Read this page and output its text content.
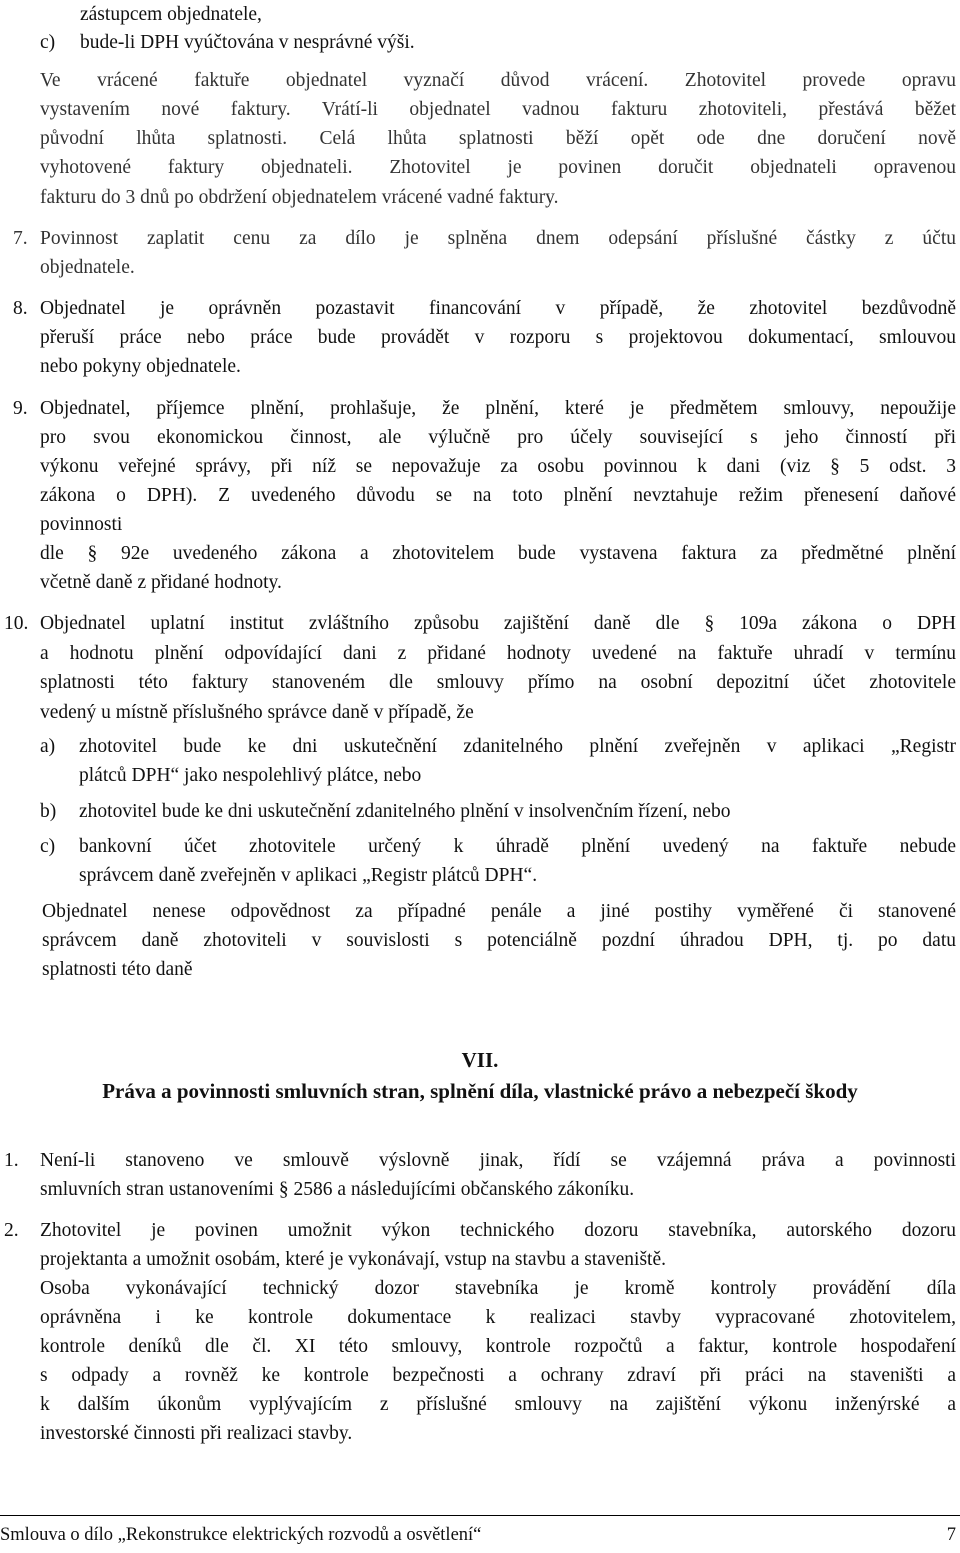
zástupcem objednatele,
c) bude-li DPH vyúčtována v nesprávné výši.
Ve vrácené faktuře objednatel vyznačí důvod vrácení. Zhotovitel provede opravu
vystavením nové faktury. Vrátí-li objednatel vadnou fakturu zhotoviteli, přestává běžet
původní lhůta splatnosti. Celá lhůta splatnosti běží opět ode dne doručení nově
vyhotovené faktury objednateli. Zhotovitel je povinen doručit objednateli opravenou
fakturu do 3 dnů po obdržení objednatelem vrácené vadné faktury.
7. Povinnost zaplatit cenu za dílo je splněna dnem odepsání příslušné částky z účtu
objednatele.
8. Objednatel je oprávněn pozastavit financování v případě, že zhotovitel bezdůvodně
přeruší práce nebo práce bude provádět v rozporu s projektovou dokumentací, smlouvou
nebo pokyny objednatele.
9. Objednatel, příjemce plnění, prohlašuje, že plnění, které je předmětem smlouvy, nepoužije
pro svou ekonomickou činnost, ale výlučně pro účely související s jeho činností při
výkonu veřejné správy, při níž se nepovažuje za osobu povinnou k dani (viz § 5 odst. 3
zákona o DPH). Z uvedeného důvodu se na toto plnění nevztahuje režim přenesení daňové
povinnosti
dle § 92e uvedeného zákona a zhotovitelem bude vystavena faktura za předmětné plnění
včetně daně z přidané hodnoty.
10. Objednatel uplatní institut zvláštního způsobu zajištění daně dle § 109a zákona o DPH
a hodnotu plnění odpovídající dani z přidané hodnoty uvedené na faktuře uhradí v termínu
splatnosti této faktury stanoveném dle smlouvy přímo na osobní depozitní účet zhotovitele
vedený u místně příslušného správce daně v případě, že
a) zhotovitel bude ke dni uskutečnění zdanitelného plnění zveřejněn v aplikaci „Registr
plátců DPH“ jako nespolehlivý plátce, nebo
b) zhotovitel bude ke dni uskutečnění zdanitelného plnění v insolvenčním řízení, nebo
c) bankovní účet zhotovitele určený k úhradě plnění uvedený na faktuře nebude
správcem daně zveřejněn v aplikaci „Registr plátců DPH“.
Objednatel nenese odpovědnost za případné penále a jiné postihy vyměřené či stanovené
správcem daně zhotoviteli v souvislosti s potenciálně pozdní úhradou DPH, tj. po datu
splatnosti této daně
VII.
Práva a povinnosti smluvních stran, splnění díla, vlastnické právo a nebezpečí škody
1. Není-li stanoveno ve smlouvě výslovně jinak, řídí se vzájemná práva a povinnosti
smluvních stran ustanoveními § 2586 a následujícími občanského zákoníku.
2. Zhotovitel je povinen umožnit výkon technického dozoru stavebníka, autorského dozoru
projektanta a umožnit osobám, které je vykonávají, vstup na stavbu a staveniště.
Osoba vykonávající technický dozor stavebníka je kromě kontroly provádění díla
oprávněna i ke kontrole dokumentace k realizaci stavby vypracované zhotovitelem,
kontrole deníků dle čl. XI této smlouvy, kontrole rozpočtů a faktur, kontrole hospodaření
s odpady a rovněž ke kontrole bezpečnosti a ochrany zdraví při práci na staveništi a
k dalším úkonům vyplývajícím z příslušné smlouvy na zajištění výkonu inženýrské a
investorské činnosti při realizaci stavby.
Smlouva o dílo „Rekonstrukce elektrických rozvodů a osvětlení“	7
